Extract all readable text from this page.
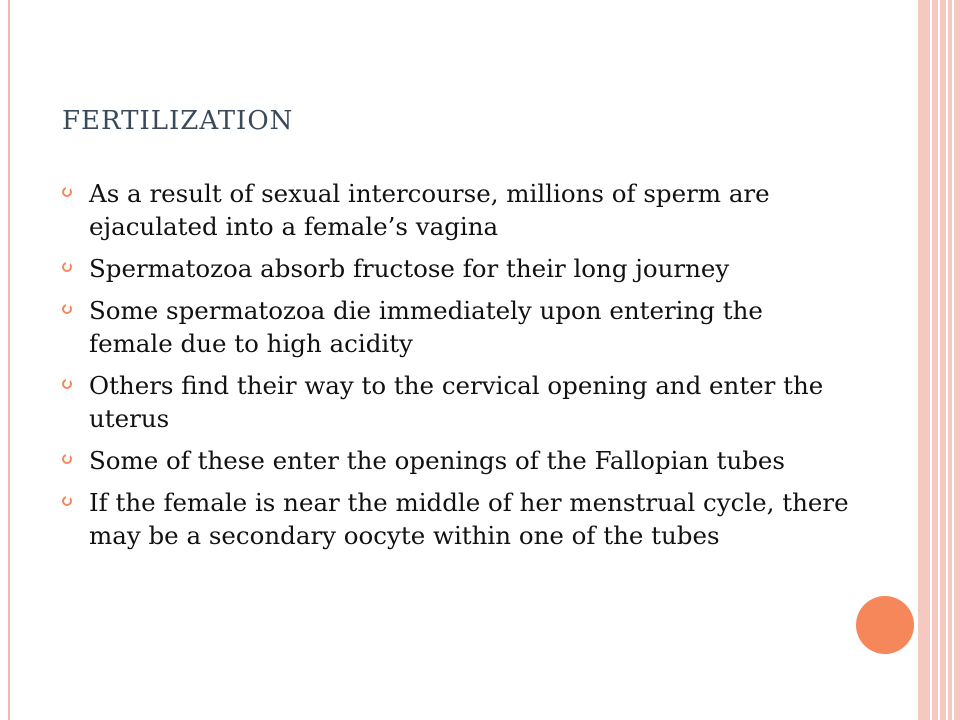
FERTILIZATION
As a result of sexual intercourse, millions of sperm are ejaculated into a female’s vagina
Spermatozoa absorb fructose for their long journey
Some spermatozoa die immediately upon entering the female due to high acidity
Others find their way to the cervical opening and enter the uterus
Some of these enter the openings of the Fallopian tubes
If the female is near the middle of her menstrual cycle, there may be a secondary oocyte within one of the tubes
